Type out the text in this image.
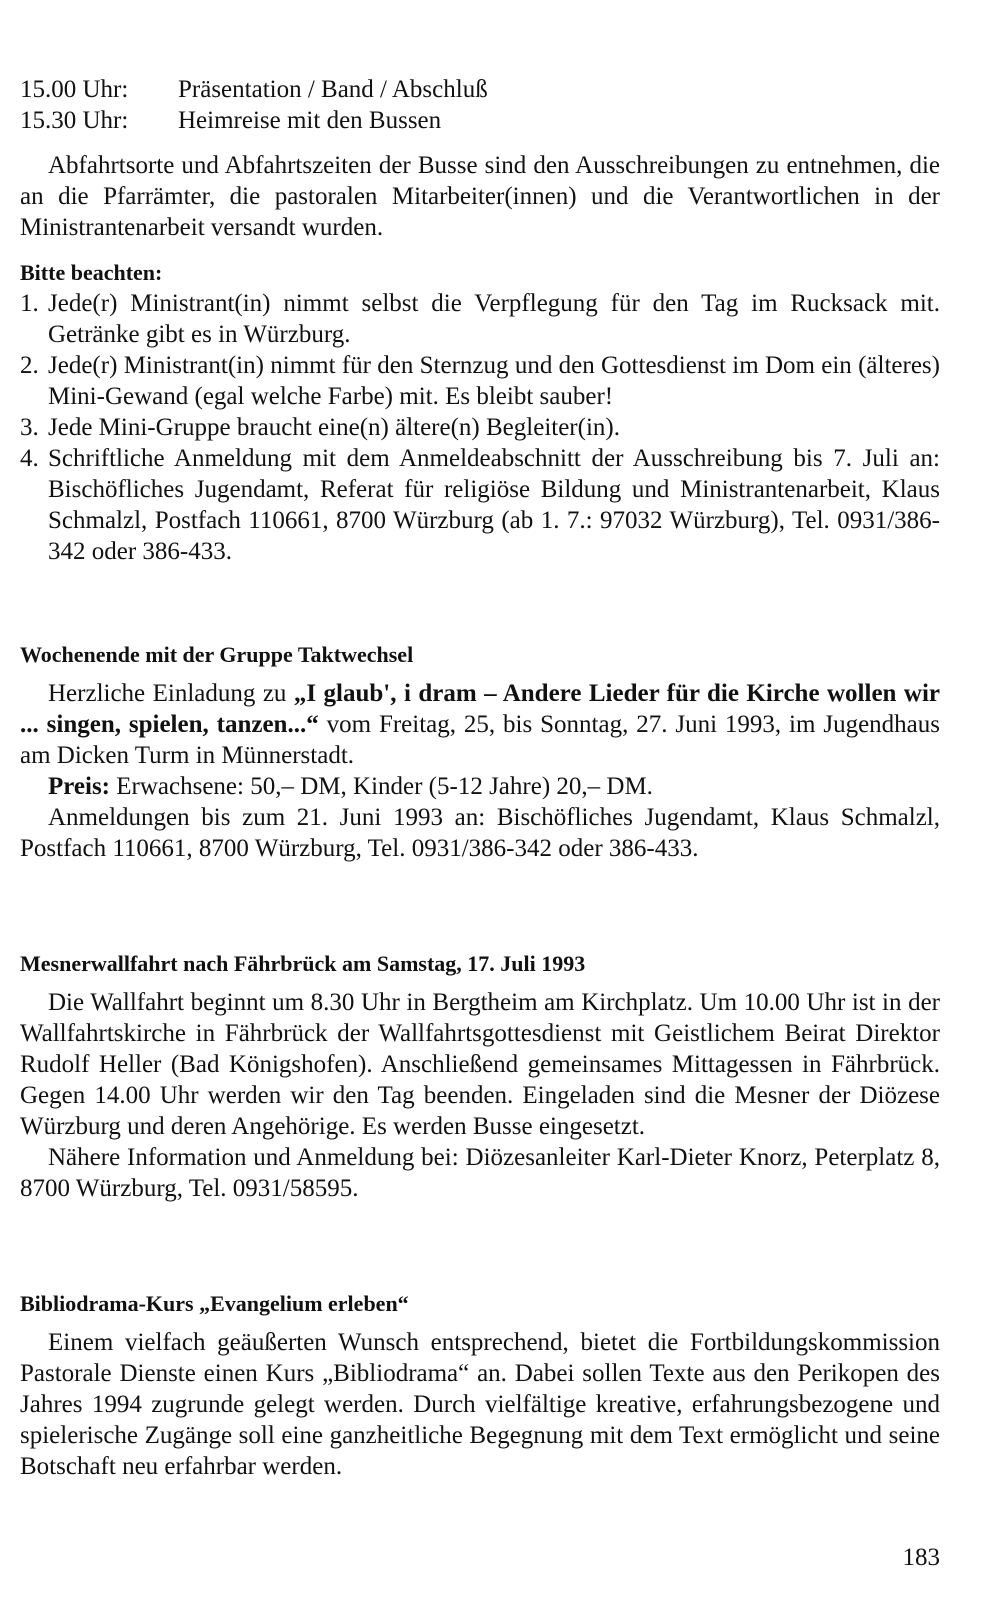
15.00 Uhr:	Präsentation / Band / Abschluß
15.30 Uhr:	Heimreise mit den Bussen

Abfahrtsorte und Abfahrtszeiten der Busse sind den Ausschreibungen zu entnehmen, die an die Pfarrämter, die pastoralen Mitarbeiter(innen) und die Verantwortlichen in der Ministrantenarbeit versandt wurden.

Bitte beachten:
1. Jede(r) Ministrant(in) nimmt selbst die Verpflegung für den Tag im Rucksack mit. Getränke gibt es in Würzburg.
2. Jede(r) Ministrant(in) nimmt für den Sternzug und den Gottesdienst im Dom ein (älteres) Mini-Gewand (egal welche Farbe) mit. Es bleibt sauber!
3. Jede Mini-Gruppe braucht eine(n) ältere(n) Begleiter(in).
4. Schriftliche Anmeldung mit dem Anmeldeabschnitt der Ausschreibung bis 7. Juli an: Bischöfliches Jugendamt, Referat für religiöse Bildung und Ministrantenarbeit, Klaus Schmalzl, Postfach 110661, 8700 Würzburg (ab 1. 7.: 97032 Würzburg), Tel. 0931/386-342 oder 386-433.
Wochenende mit der Gruppe Taktwechsel

Herzliche Einladung zu „I glaub', i dram – Andere Lieder für die Kirche wollen wir ... singen, spielen, tanzen...“ vom Freitag, 25, bis Sonntag, 27. Juni 1993, im Jugendhaus am Dicken Turm in Münnerstadt.

Preis: Erwachsene: 50,– DM, Kinder (5-12 Jahre) 20,– DM.

Anmeldungen bis zum 21. Juni 1993 an: Bischöfliches Jugendamt, Klaus Schmalzl, Postfach 110661, 8700 Würzburg, Tel. 0931/386-342 oder 386-433.

Mesnerwallfahrt nach Fährbrück am Samstag, 17. Juli 1993

Die Wallfahrt beginnt um 8.30 Uhr in Bergtheim am Kirchplatz. Um 10.00 Uhr ist in der Wallfahrtskirche in Fährbrück der Wallfahrtsgottesdienst mit Geistlichem Beirat Direktor Rudolf Heller (Bad Königshofen). Anschließend gemeinsames Mittagessen in Fährbrück. Gegen 14.00 Uhr werden wir den Tag beenden. Eingeladen sind die Mesner der Diözese Würzburg und deren Angehörige. Es werden Busse eingesetzt.

Nähere Information und Anmeldung bei: Diözesanleiter Karl-Dieter Knorz, Peterplatz 8, 8700 Würzburg, Tel. 0931/58595.

Bibliodrama-Kurs „Evangelium erleben“

Einem vielfach geäußerten Wunsch entsprechend, bietet die Fortbildungskommission Pastorale Dienste einen Kurs „Bibliodrama“ an. Dabei sollen Texte aus den Perikopen des Jahres 1994 zugrunde gelegt werden. Durch vielfältige kreative, erfahrungsbezogene und spielerische Zugänge soll eine ganzheitliche Begegnung mit dem Text ermöglicht und seine Botschaft neu erfahrbar werden.

183
